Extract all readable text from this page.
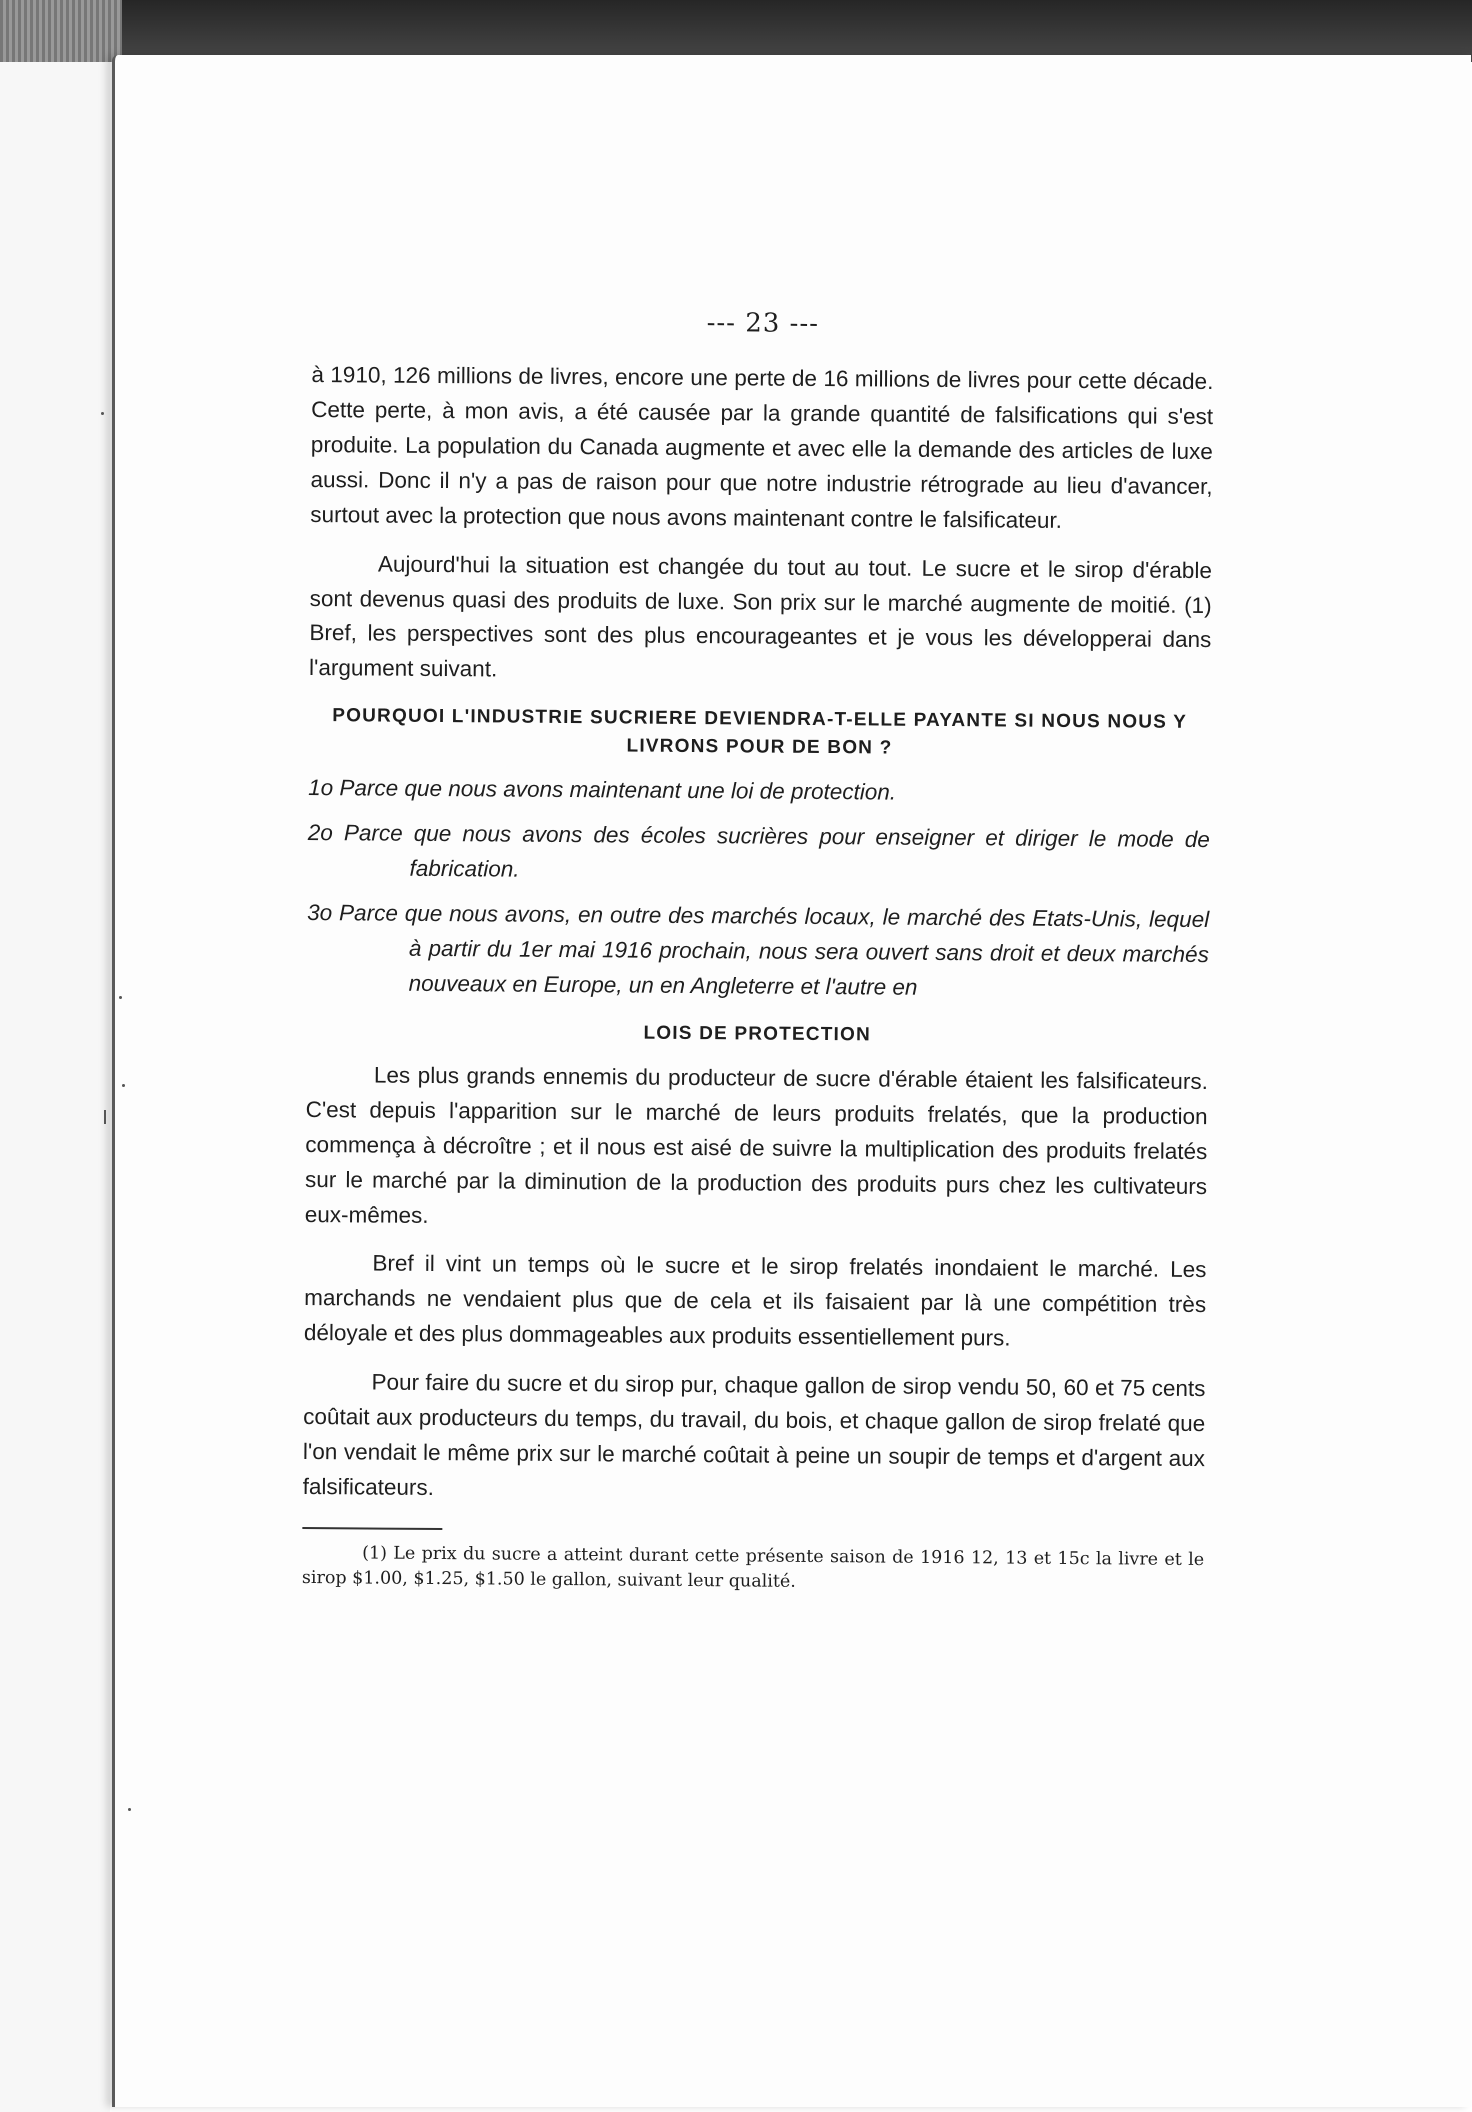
--- 23 ---

à 1910, 126 millions de livres, encore une perte de 16 millions de livres pour cette décade. Cette perte, à mon avis, a été causée par la grande quantité de falsifications qui s'est produite. La population du Canada augmente et avec elle la demande des articles de luxe aussi. Donc il n'y a pas de raison pour que notre industrie rétrograde au lieu d'avancer, surtout avec la protection que nous avons maintenant contre le falsificateur.

Aujourd'hui la situation est changée du tout au tout. Le sucre et le sirop d'érable sont devenus quasi des produits de luxe. Son prix sur le marché augmente de moitié. (1) Bref, les perspectives sont des plus encourageantes et je vous les développerai dans l'argument suivant.

POURQUOI L'INDUSTRIE SUCRIERE DEVIENDRA-T-ELLE PAYANTE SI NOUS NOUS Y LIVRONS POUR DE BON ?
1o Parce que nous avons maintenant une loi de protection.
2o Parce que nous avons des écoles sucrières pour enseigner et diriger le mode de fabrication.
3o Parce que nous avons, en outre des marchés locaux, le marché des Etats-Unis, lequel à partir du 1er mai 1916 prochain, nous sera ouvert sans droit et deux marchés nouveaux en Europe, un en Angleterre et l'autre en
LOIS DE PROTECTION

Les plus grands ennemis du producteur de sucre d'érable étaient les falsificateurs. C'est depuis l'apparition sur le marché de leurs produits frelatés, que la production commença à décroître ; et il nous est aisé de suivre la multiplication des produits frelatés sur le marché par la diminution de la production des produits purs chez les cultivateurs eux-mêmes.

Bref il vint un temps où le sucre et le sirop frelatés inondaient le marché. Les marchands ne vendaient plus que de cela et ils faisaient par là une compétition très déloyale et des plus dommageables aux produits essentiellement purs.

Pour faire du sucre et du sirop pur, chaque gallon de sirop vendu 50, 60 et 75 cents coûtait aux producteurs du temps, du travail, du bois, et chaque gallon de sirop frelaté que l'on vendait le même prix sur le marché coûtait à peine un soupir de temps et d'argent aux falsificateurs.

(1) Le prix du sucre a atteint durant cette présente saison de 1916 12, 13 et 15c la livre et le sirop $1.00, $1.25, $1.50 le gallon, suivant leur qualité.
